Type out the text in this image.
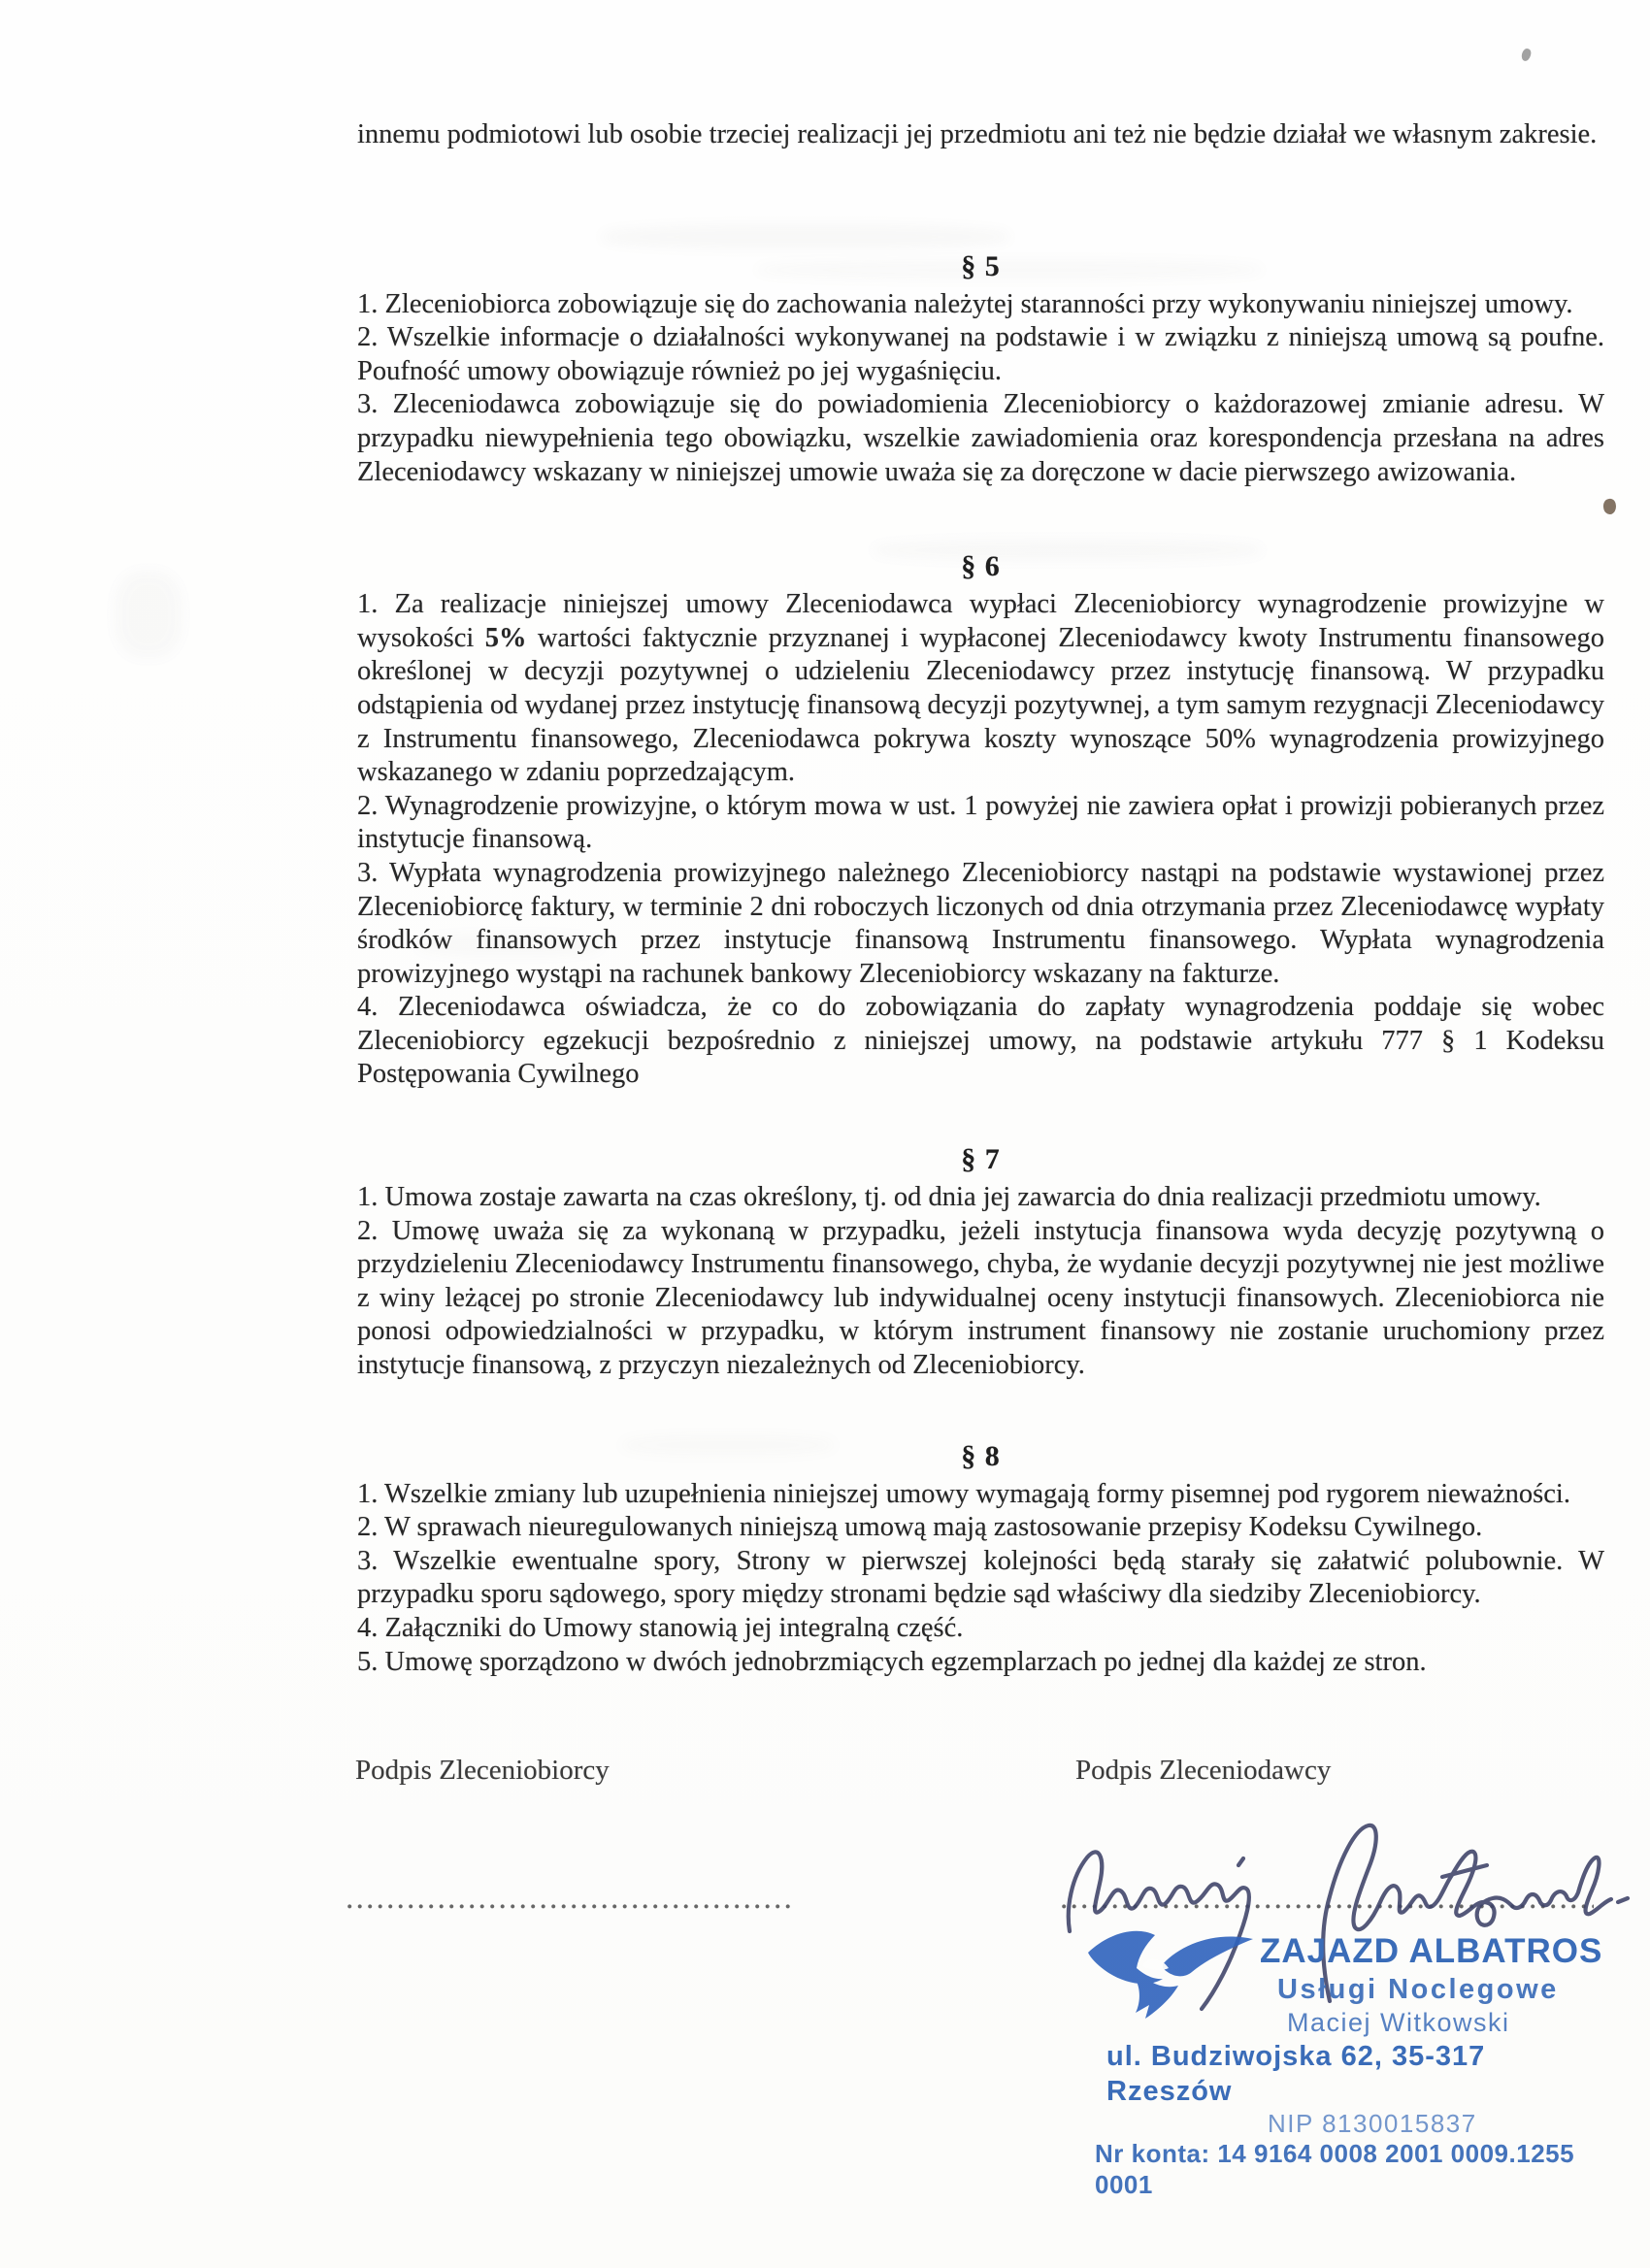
innemu podmiotowi lub osobie trzeciej realizacji jej przedmiotu ani też nie będzie działał we własnym zakresie.

§ 5

1. Zleceniobiorca zobowiązuje się do zachowania należytej staranności przy wykonywaniu niniejszej umowy.

2. Wszelkie informacje o działalności wykonywanej na podstawie i w związku z niniejszą umową są poufne. Poufność umowy obowiązuje również po jej wygaśnięciu.

3. Zleceniodawca zobowiązuje się do powiadomienia Zleceniobiorcy o każdorazowej zmianie adresu. W przypadku niewypełnienia tego obowiązku, wszelkie zawiadomienia oraz korespondencja przesłana na adres Zleceniodawcy wskazany w niniejszej umowie uważa się za doręczone w dacie pierwszego awizowania.

§ 6

1. Za realizacje niniejszej umowy Zleceniodawca wypłaci Zleceniobiorcy wynagrodzenie prowizyjne w wysokości 5% wartości faktycznie przyznanej i wypłaconej Zleceniodawcy kwoty Instrumentu finansowego określonej w decyzji pozytywnej o udzieleniu Zleceniodawcy przez instytucję finansową. W przypadku odstąpienia od wydanej przez instytucję finansową decyzji pozytywnej, a tym samym rezygnacji Zleceniodawcy z Instrumentu finansowego, Zleceniodawca pokrywa koszty wynoszące 50% wynagrodzenia prowizyjnego wskazanego w zdaniu poprzedzającym.

2. Wynagrodzenie prowizyjne, o którym mowa w ust. 1 powyżej nie zawiera opłat i prowizji pobieranych przez instytucje finansową.

3. Wypłata wynagrodzenia prowizyjnego należnego Zleceniobiorcy nastąpi na podstawie wystawionej przez Zleceniobiorcę faktury, w terminie 2 dni roboczych liczonych od dnia otrzymania przez Zleceniodawcę wypłaty środków finansowych przez instytucje finansową Instrumentu finansowego. Wypłata wynagrodzenia prowizyjnego wystąpi na rachunek bankowy Zleceniobiorcy wskazany na fakturze.

4. Zleceniodawca oświadcza, że co do zobowiązania do zapłaty wynagrodzenia poddaje się wobec Zleceniobiorcy egzekucji bezpośrednio z niniejszej umowy, na podstawie artykułu 777 § 1 Kodeksu Postępowania Cywilnego

§ 7

1. Umowa zostaje zawarta na czas określony, tj. od dnia jej zawarcia do dnia realizacji przedmiotu umowy.

2. Umowę uważa się za wykonaną w przypadku, jeżeli instytucja finansowa wyda decyzję pozytywną o przydzieleniu Zleceniodawcy Instrumentu finansowego, chyba, że wydanie decyzji pozytywnej nie jest możliwe z winy leżącej po stronie Zleceniodawcy lub indywidualnej oceny instytucji finansowych. Zleceniobiorca nie ponosi odpowiedzialności w przypadku, w którym instrument finansowy nie zostanie uruchomiony przez instytucje finansową, z przyczyn niezależnych od Zleceniobiorcy.

§ 8

1. Wszelkie zmiany lub uzupełnienia niniejszej umowy wymagają formy pisemnej pod rygorem nieważności.

2. W sprawach nieuregulowanych niniejszą umową mają zastosowanie przepisy Kodeksu Cywilnego.

3. Wszelkie ewentualne spory, Strony w pierwszej kolejności będą starały się załatwić polubownie. W przypadku sporu sądowego, spory między stronami będzie sąd właściwy dla siedziby Zleceniobiorcy.

4. Załączniki do Umowy stanowią jej integralną część.

5. Umowę sporządzono w dwóch jednobrzmiących egzemplarzach po jednej dla każdej ze stron.

Podpis Zleceniobiorcy	Podpis Zleceniodawcy
ZAJAZD ALBATROS
Usługi Noclegowe
Maciej Witkowski
ul. Budziwojska 62, 35-317 Rzeszów
NIP 8130015837
Nr konta: 14 9164 0008 2001 0009.1255 0001
